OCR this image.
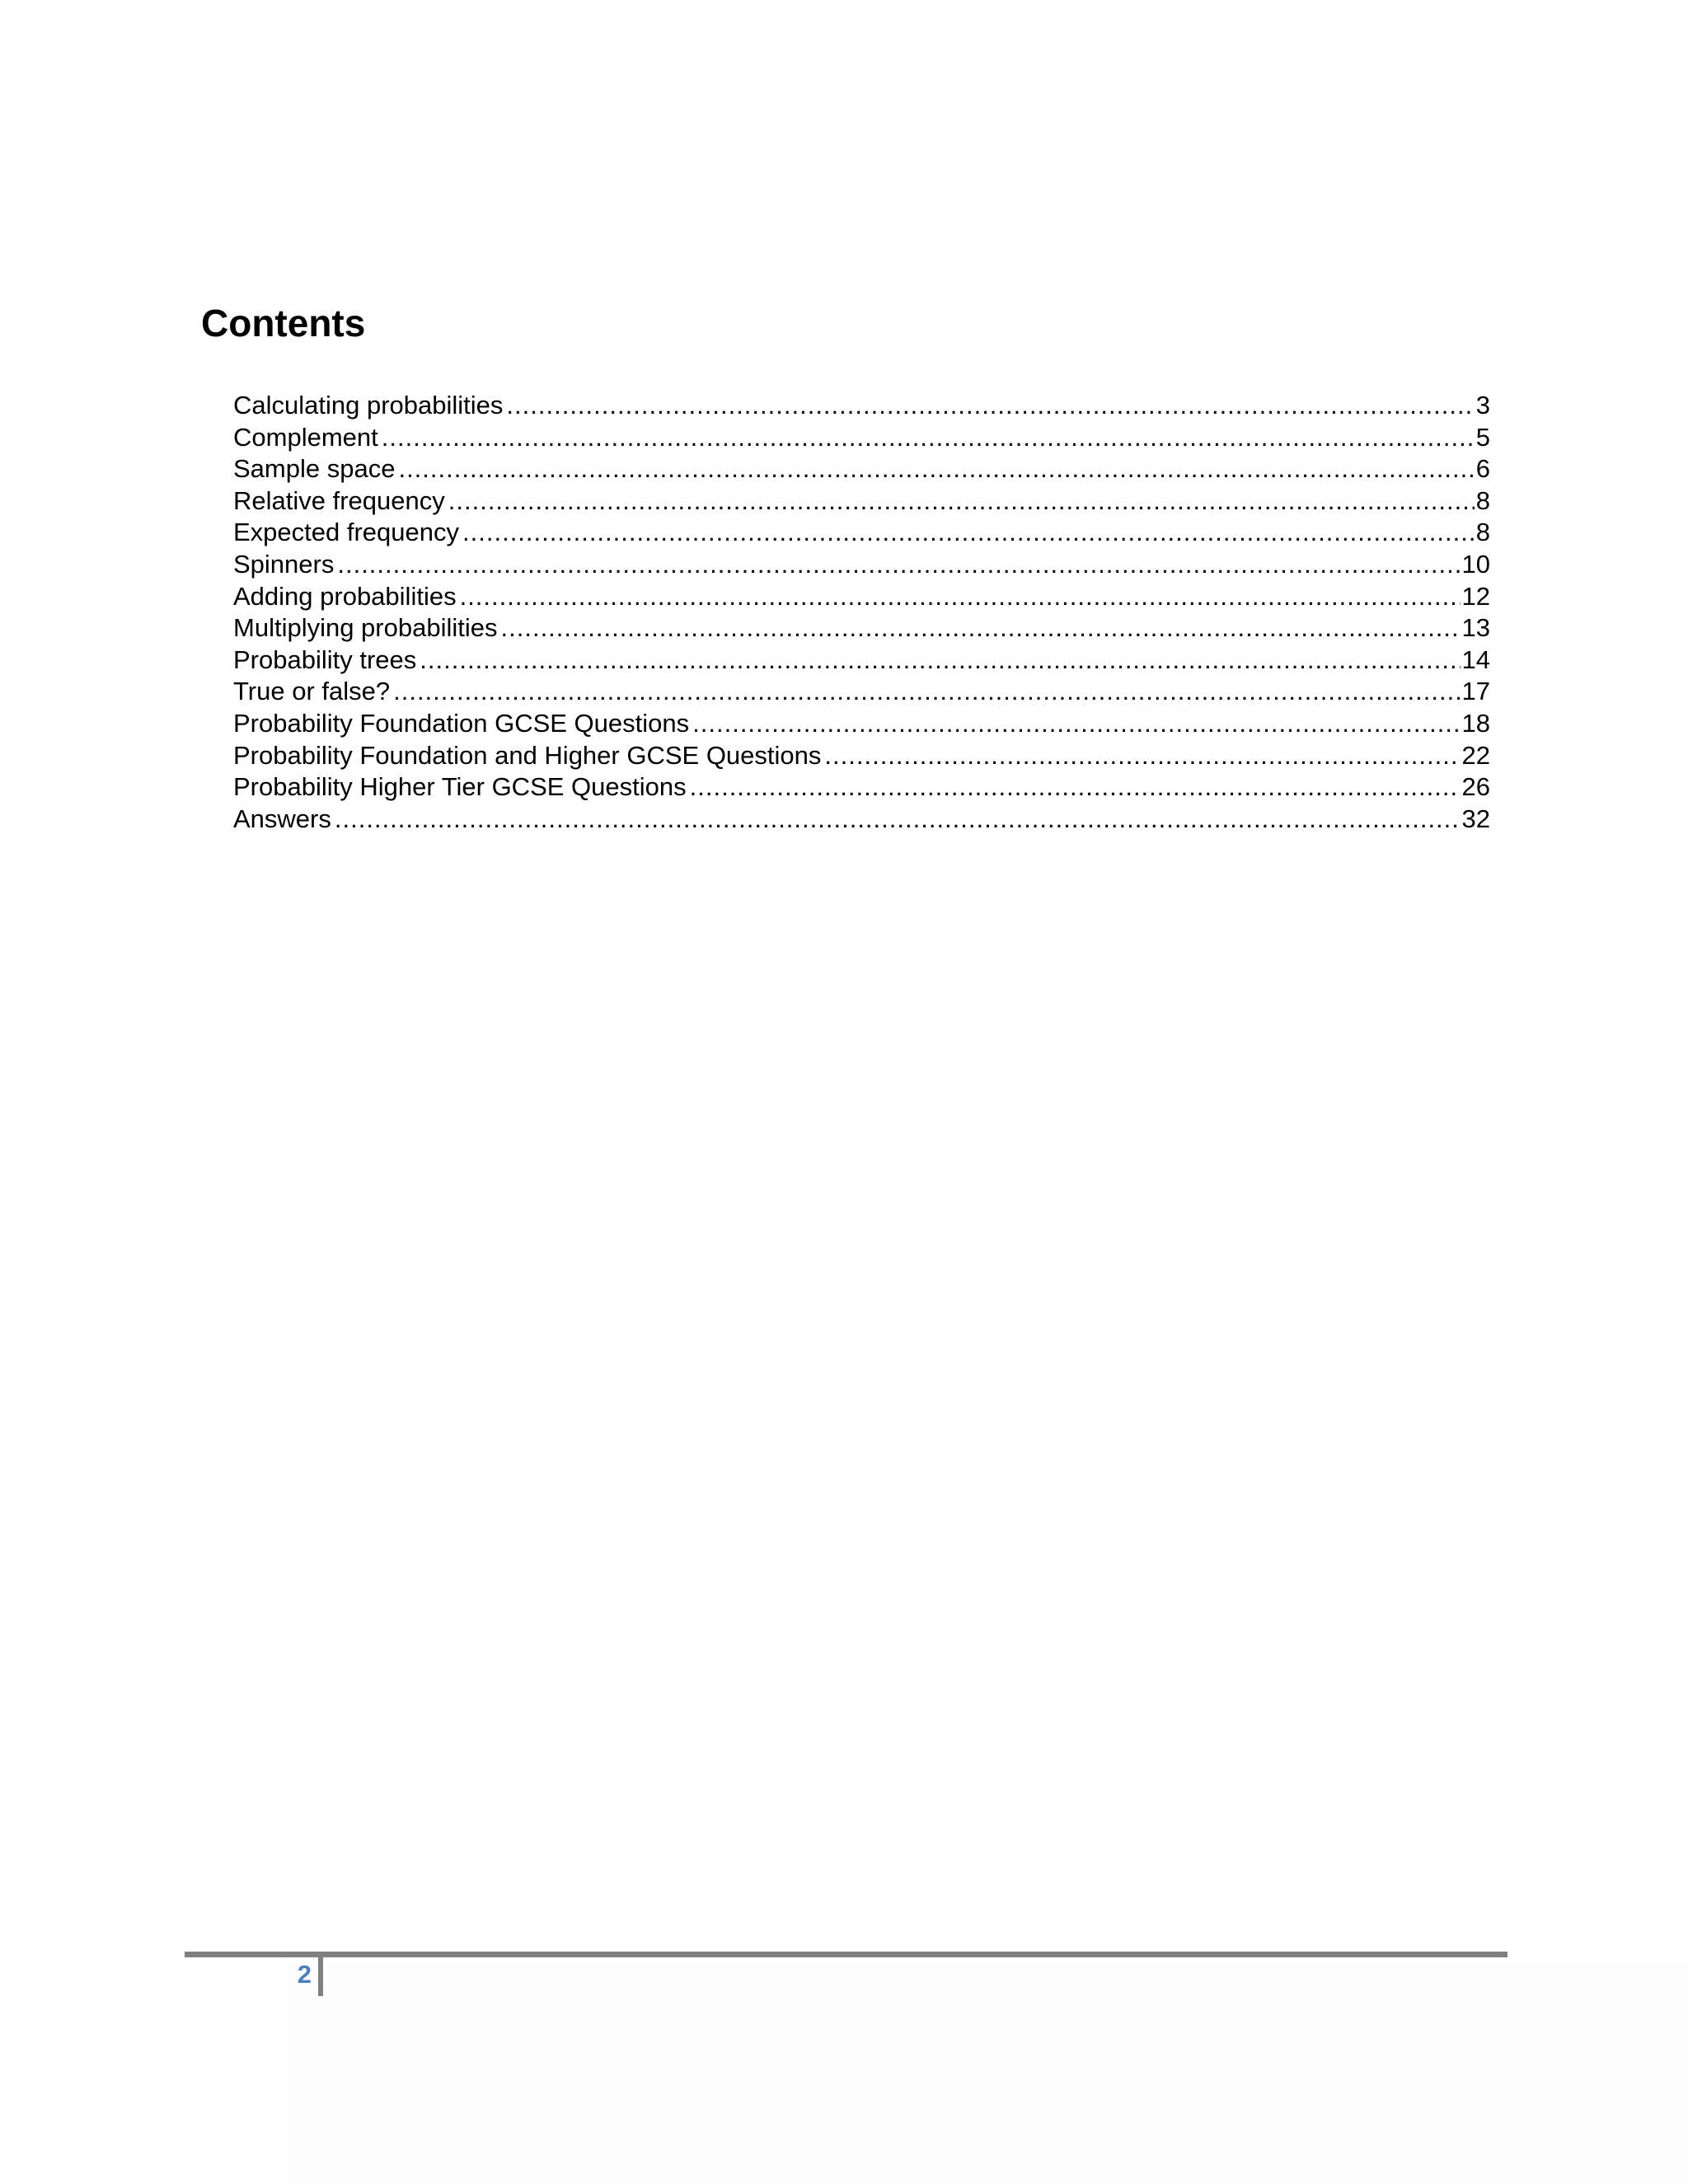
Contents
Calculating probabilities .....	3
Complement .....	5
Sample space .....	6
Relative frequency .....	8
Expected frequency .....	8
Spinners .....	10
Adding probabilities .....	12
Multiplying probabilities .....	13
Probability trees .....	14
True or false? .....	17
Probability Foundation GCSE Questions .....	18
Probability Foundation and Higher GCSE Questions .....	22
Probability Higher Tier GCSE Questions .....	26
Answers .....	32
2
